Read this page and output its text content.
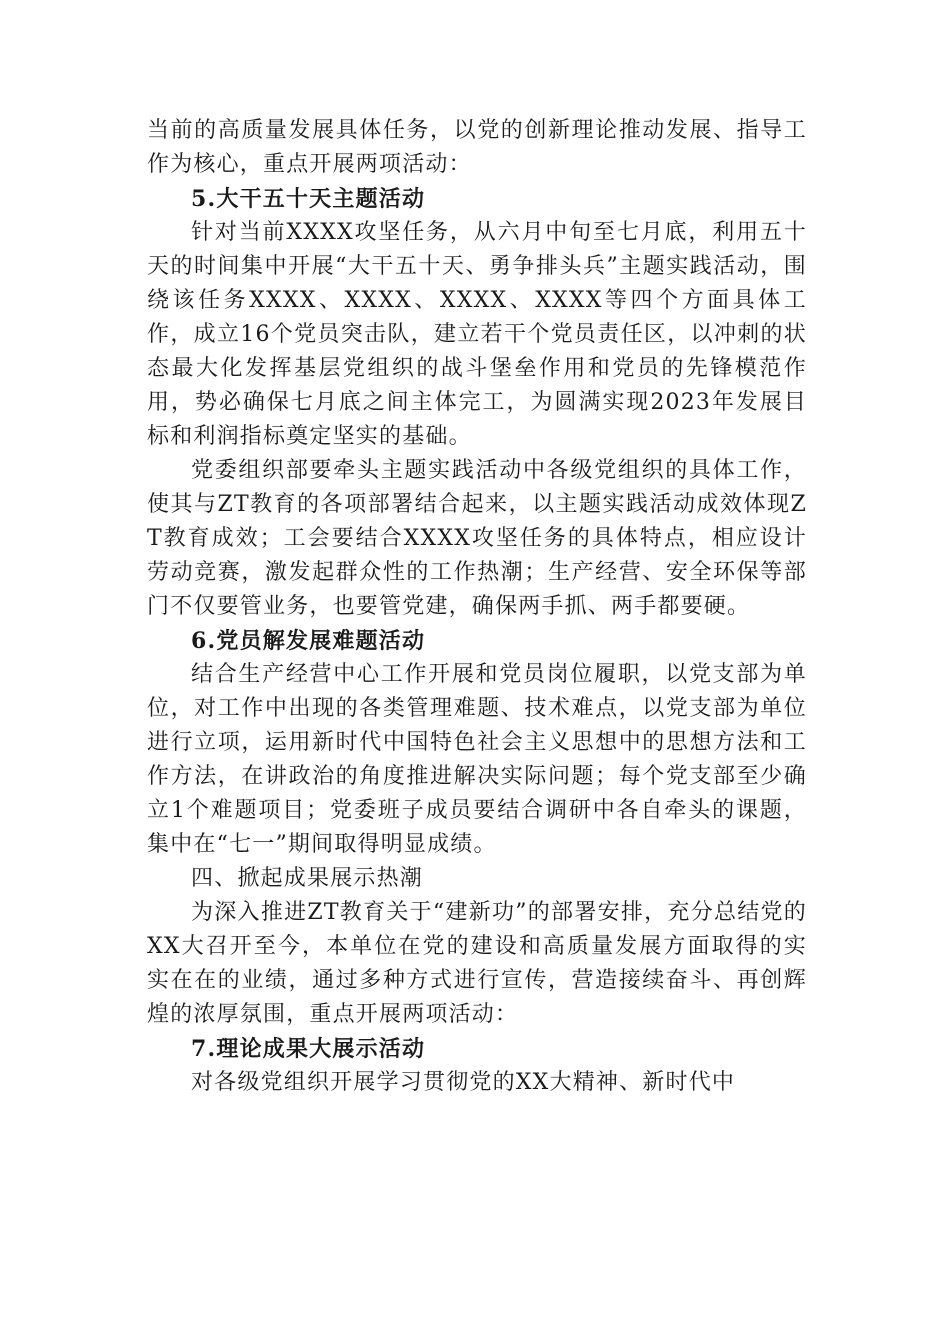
当前的高质量发展具体任务，以党的创新理论推动发展、指导工作为核心，重点开展两项活动：

5.大干五十天主题活动

针对当前XXXX攻坚任务，从六月中旬至七月底，利用五十天的时间集中开展“大干五十天、勇争排头兵”主题实践活动，围绕该任务XXXX、XXXX、XXXX、XXXX等四个方面具体工作，成立16个党员突击队，建立若干个党员责任区，以冲刺的状态最大化发挥基层党组织的战斗堡垒作用和党员的先锋模范作用，势必确保七月底之间主体完工，为圆满实现2023年发展目标和利润指标奠定坚实的基础。

党委组织部要牵头主题实践活动中各级党组织的具体工作，使其与ZT教育的各项部署结合起来，以主题实践活动成效体现ZT教育成效；工会要结合XXXX攻坚任务的具体特点，相应设计劳动竞赛，激发起群众性的工作热潮；生产经营、安全环保等部门不仅要管业务，也要管党建，确保两手抓、两手都要硬。

6.党员解发展难题活动

结合生产经营中心工作开展和党员岗位履职，以党支部为单位，对工作中出现的各类管理难题、技术难点，以党支部为单位进行立项，运用新时代中国特色社会主义思想中的思想方法和工作方法，在讲政治的角度推进解决实际问题；每个党支部至少确立1个难题项目；党委班子成员要结合调研中各自牵头的课题，集中在“七一”期间取得明显成绩。

四、掀起成果展示热潮

为深入推进ZT教育关于“建新功”的部署安排，充分总结党的XX大召开至今，本单位在党的建设和高质量发展方面取得的实实在在的业绩，通过多种方式进行宣传，营造接续奋斗、再创辉煌的浓厚氛围，重点开展两项活动：

7.理论成果大展示活动

对各级党组织开展学习贯彻党的XX大精神、新时代中
